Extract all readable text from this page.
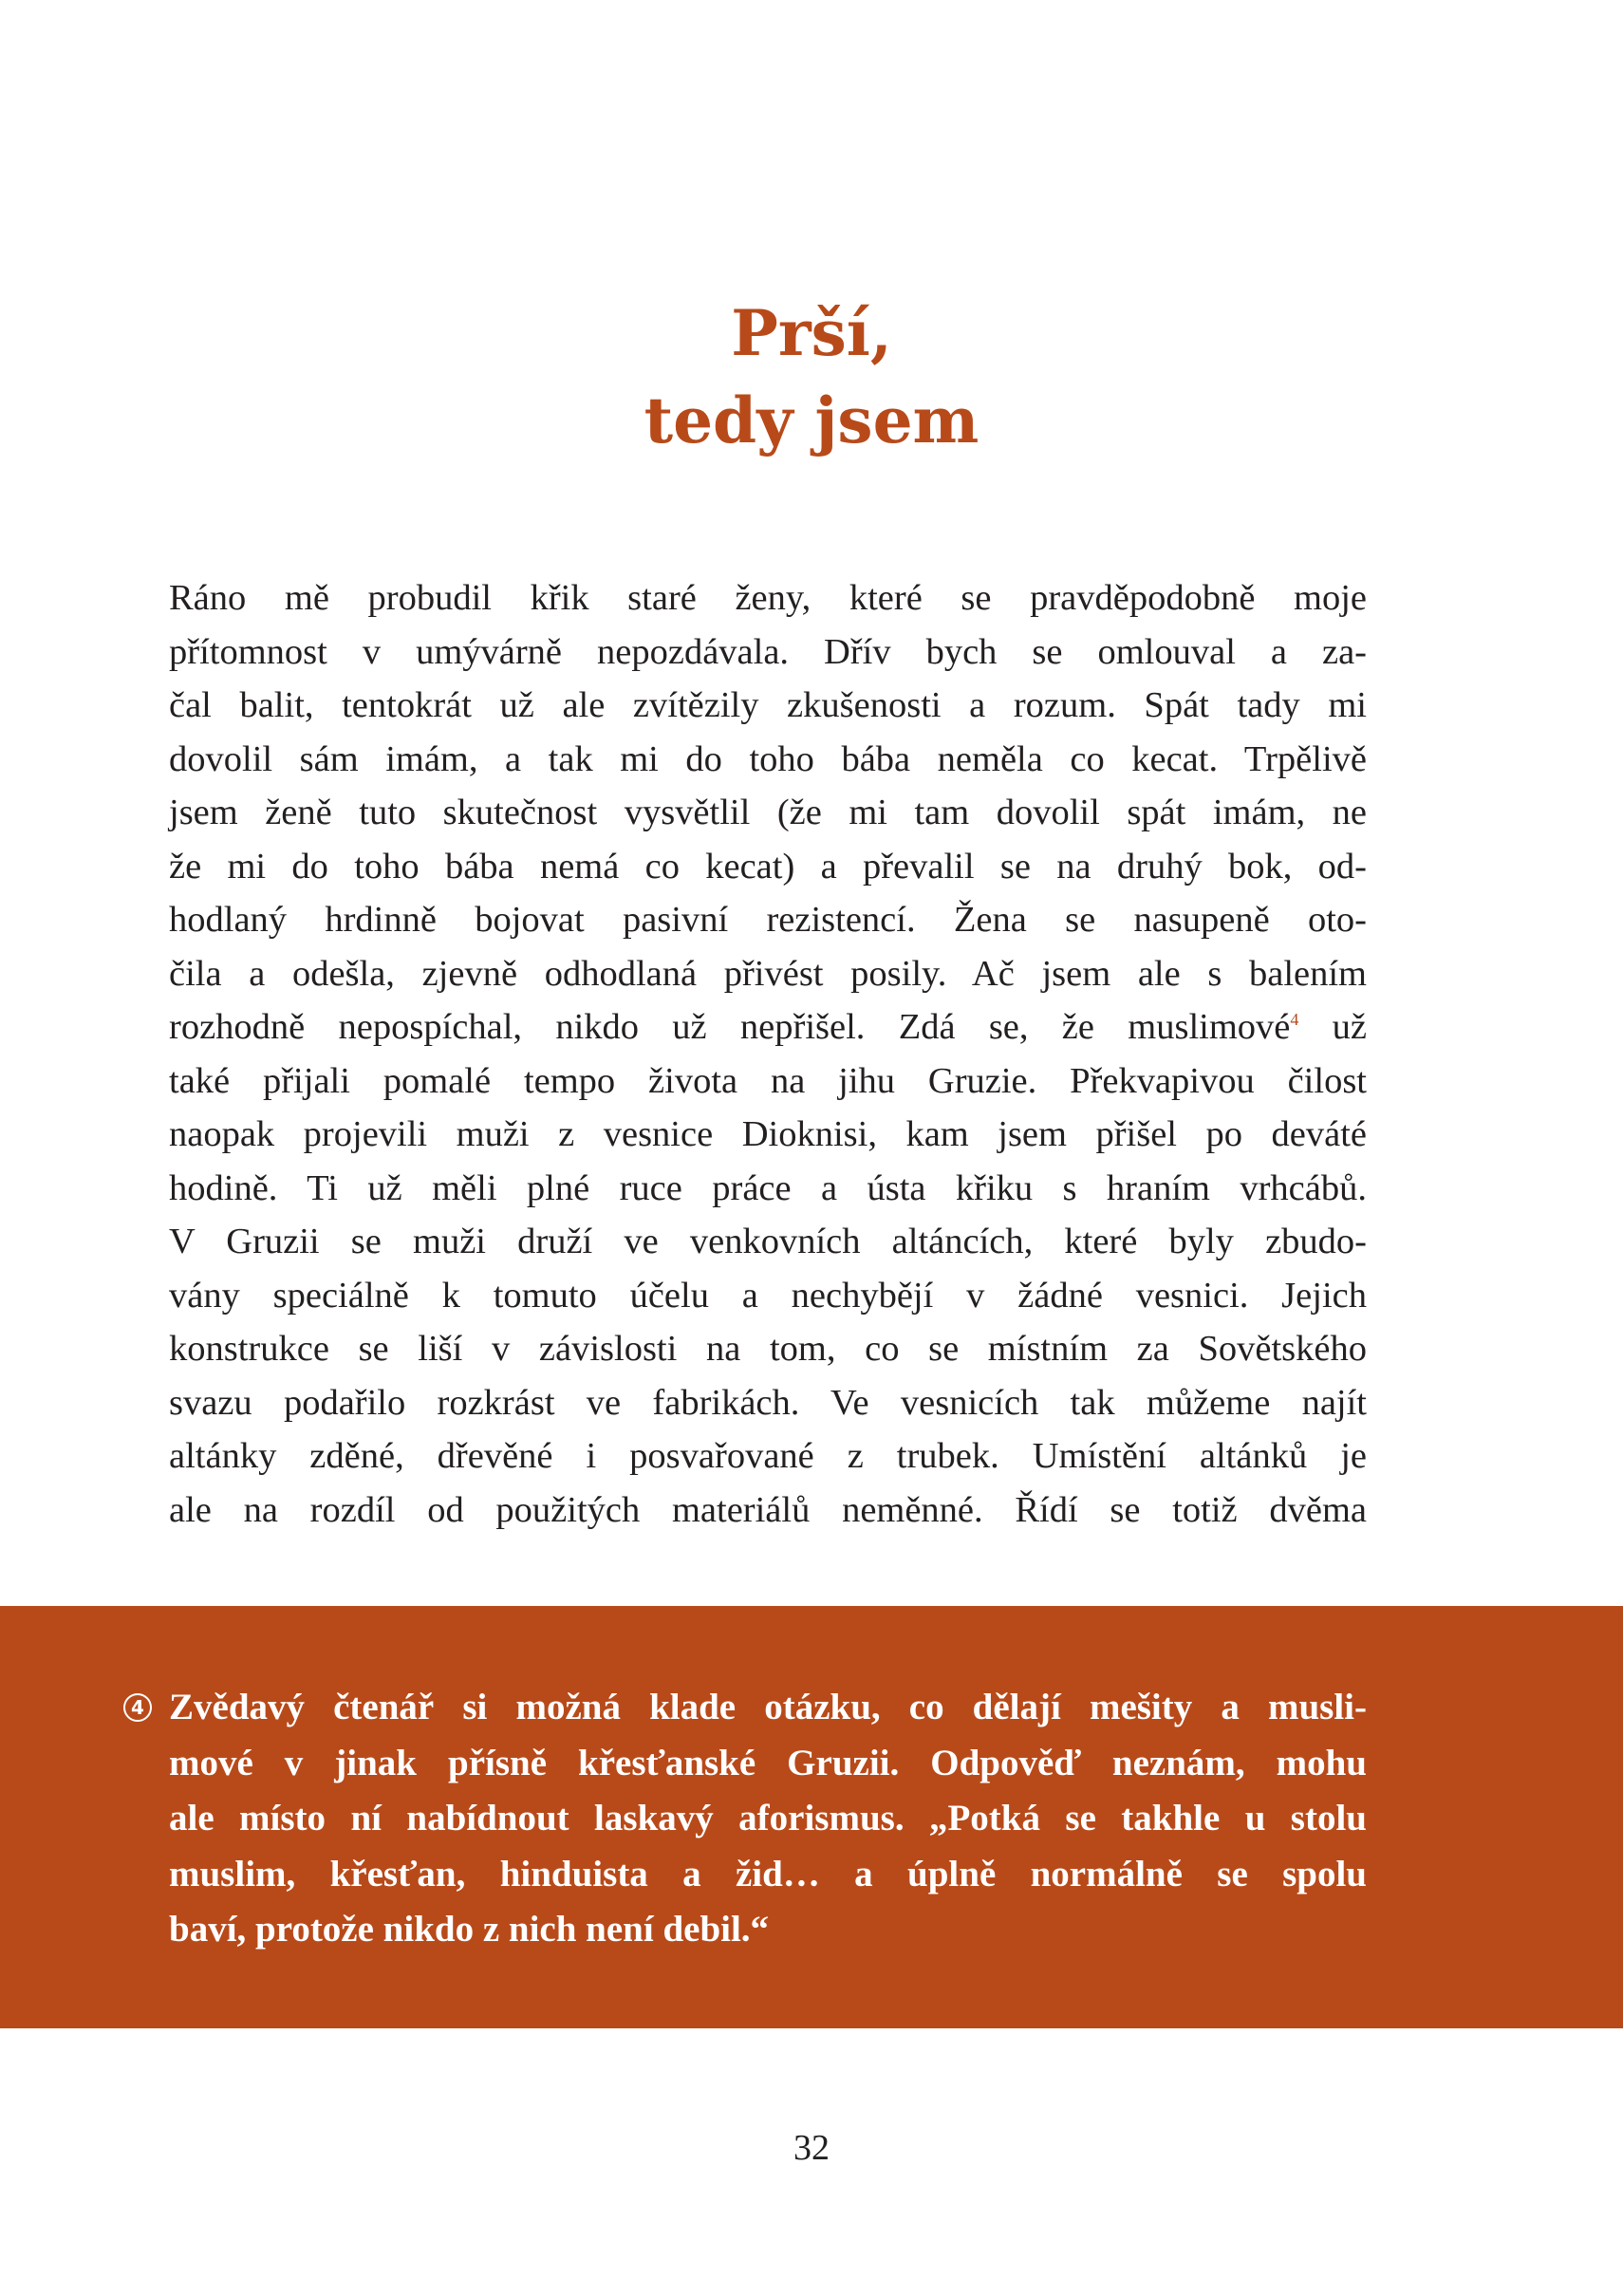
Prší,
tedy jsem
Ráno mě probudil křik staré ženy, které se pravděpodobně moje
přítomnost v umývárně nepozdávala. Dřív bych se omlouval a za-
čal balit, tentokrát už ale zvítězily zkušenosti a rozum. Spát tady mi
dovolil sám imám, a tak mi do toho bába neměla co kecat. Trpělivě
jsem ženě tuto skutečnost vysvětlil (že mi tam dovolil spát imám, ne
že mi do toho bába nemá co kecat) a převalil se na druhý bok, od-
hodlaný hrdinně bojovat pasivní rezistencí. Žena se nasupeně oto-
čila a odešla, zjevně odhodlaná přivést posily. Ač jsem ale s balením
rozhodně nepospíchal, nikdo už nepřišel. Zdá se, že muslimové$^4$ už
také přijali pomalé tempo života na jihu Gruzie. Překvapivou čilost
naopak projevili muži z vesnice Dioknisi, kam jsem přišel po deváté
hodině. Ti už měli plné ruce práce a ústa křiku s hraním vrhcábů.
V Gruzii se muži druží ve venkovních altáncích, které byly zbudo-
vány speciálně k tomuto účelu a nechybějí v žádné vesnici. Jejich
konstrukce se liší v závislosti na tom, co se místním za Sovětského
svazu podařilo rozkrást ve fabrikách. Ve vesnicích tak můžeme najít
altánky zděné, dřevěné i posvařované z trubek. Umístění altánků je
ale na rozdíl od použitých materiálů neměnné. Řídí se totiž dvěma
4 Zvědavý čtenář si možná klade otázku, co dělají mešity a musli-
mové v jinak přísně křesťanské Gruzii. Odpověď neznám, mohu
ale místo ní nabídnout laskavý aforismus. „Potká se takhle u stolu
muslim, křesťan, hinduista a žid… a úplně normálně se spolu
baví, protože nikdo z nich není debil.“
32
